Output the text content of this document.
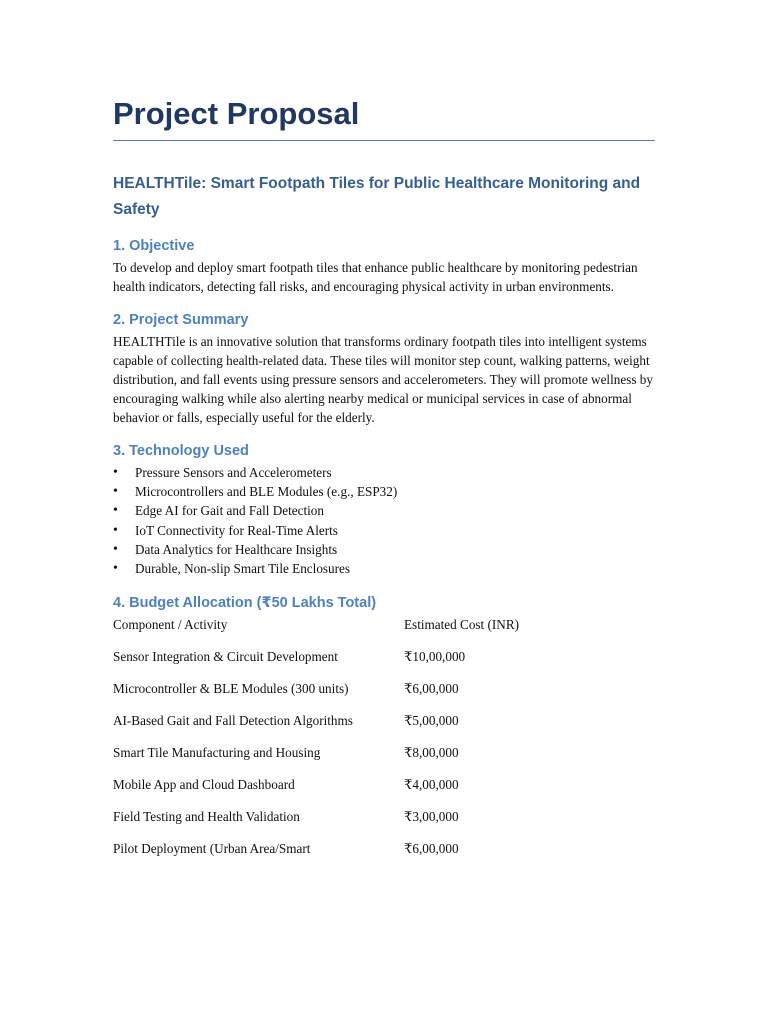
Project Proposal
HEALTHTile: Smart Footpath Tiles for Public Healthcare Monitoring and Safety
1. Objective

To develop and deploy smart footpath tiles that enhance public healthcare by monitoring pedestrian health indicators, detecting fall risks, and encouraging physical activity in urban environments.

2. Project Summary

HEALTHTile is an innovative solution that transforms ordinary footpath tiles into intelligent systems capable of collecting health-related data. These tiles will monitor step count, walking patterns, weight distribution, and fall events using pressure sensors and accelerometers. They will promote wellness by encouraging walking while also alerting nearby medical or municipal services in case of abnormal behavior or falls, especially useful for the elderly.

3. Technology Used
• Pressure Sensors and Accelerometers
• Microcontrollers and BLE Modules (e.g., ESP32)
• Edge AI for Gait and Fall Detection
• IoT Connectivity for Real-Time Alerts
• Data Analytics for Healthcare Insights
• Durable, Non-slip Smart Tile Enclosures
4. Budget Allocation (₹50 Lakhs Total)
Component / Activity	Estimated Cost (INR)
Sensor Integration & Circuit Development	₹10,00,000
Microcontroller & BLE Modules (300 units)	₹6,00,000
AI-Based Gait and Fall Detection Algorithms	₹5,00,000
Smart Tile Manufacturing and Housing	₹8,00,000
Mobile App and Cloud Dashboard	₹4,00,000
Field Testing and Health Validation	₹3,00,000
Pilot Deployment (Urban Area/Smart	₹6,00,000
